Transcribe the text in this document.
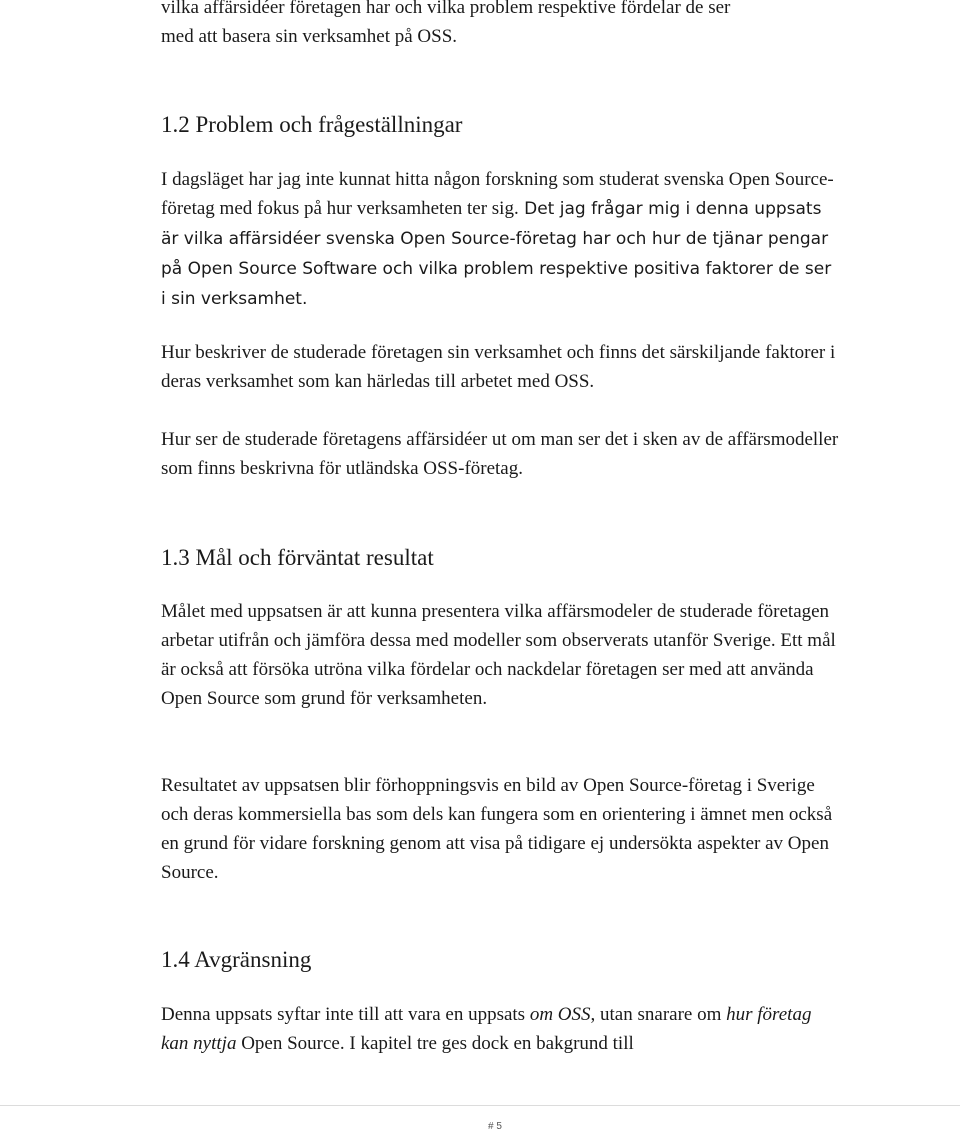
vilka affärsidéer företagen har och vilka problem respektive fördelar de ser

med att basera sin verksamhet på OSS.

1.2 Problem och frågeställningar

I dagsläget har jag inte kunnat hitta någon forskning som studerat svenska Open Source-företag med fokus på hur verksamheten ter sig. Det jag frågar mig i denna uppsats är vilka affärsidéer svenska Open Source-företag har och hur de tjänar pengar på Open Source Software och vilka problem respektive positiva faktorer de ser i sin verksamhet.

Hur beskriver de studerade företagen sin verksamhet och finns det särskiljande faktorer i deras verksamhet som kan härledas till arbetet med OSS.

Hur ser de studerade företagens affärsidéer ut om man ser det i sken av de affärsmodeller som finns beskrivna för utländska OSS-företag.

1.3 Mål och förväntat resultat

Målet med uppsatsen är att kunna presentera vilka affärsmodeler de studerade företagen arbetar utifrån och jämföra dessa med modeller som observerats utanför Sverige. Ett mål är också att försöka utröna vilka fördelar och nackdelar företagen ser med att använda Open Source som grund för verksamheten.

Resultatet av uppsatsen blir förhoppningsvis en bild av Open Source-företag i Sverige och deras kommersiella bas som dels kan fungera som en orientering i ämnet men också en grund för vidare forskning genom att visa på tidigare ej undersökta aspekter av Open Source.

1.4 Avgränsning

Denna uppsats syftar inte till att vara en uppsats om OSS, utan snarare om hur företag kan nyttja Open Source. I kapitel tre ges dock en bakgrund till

# 5
